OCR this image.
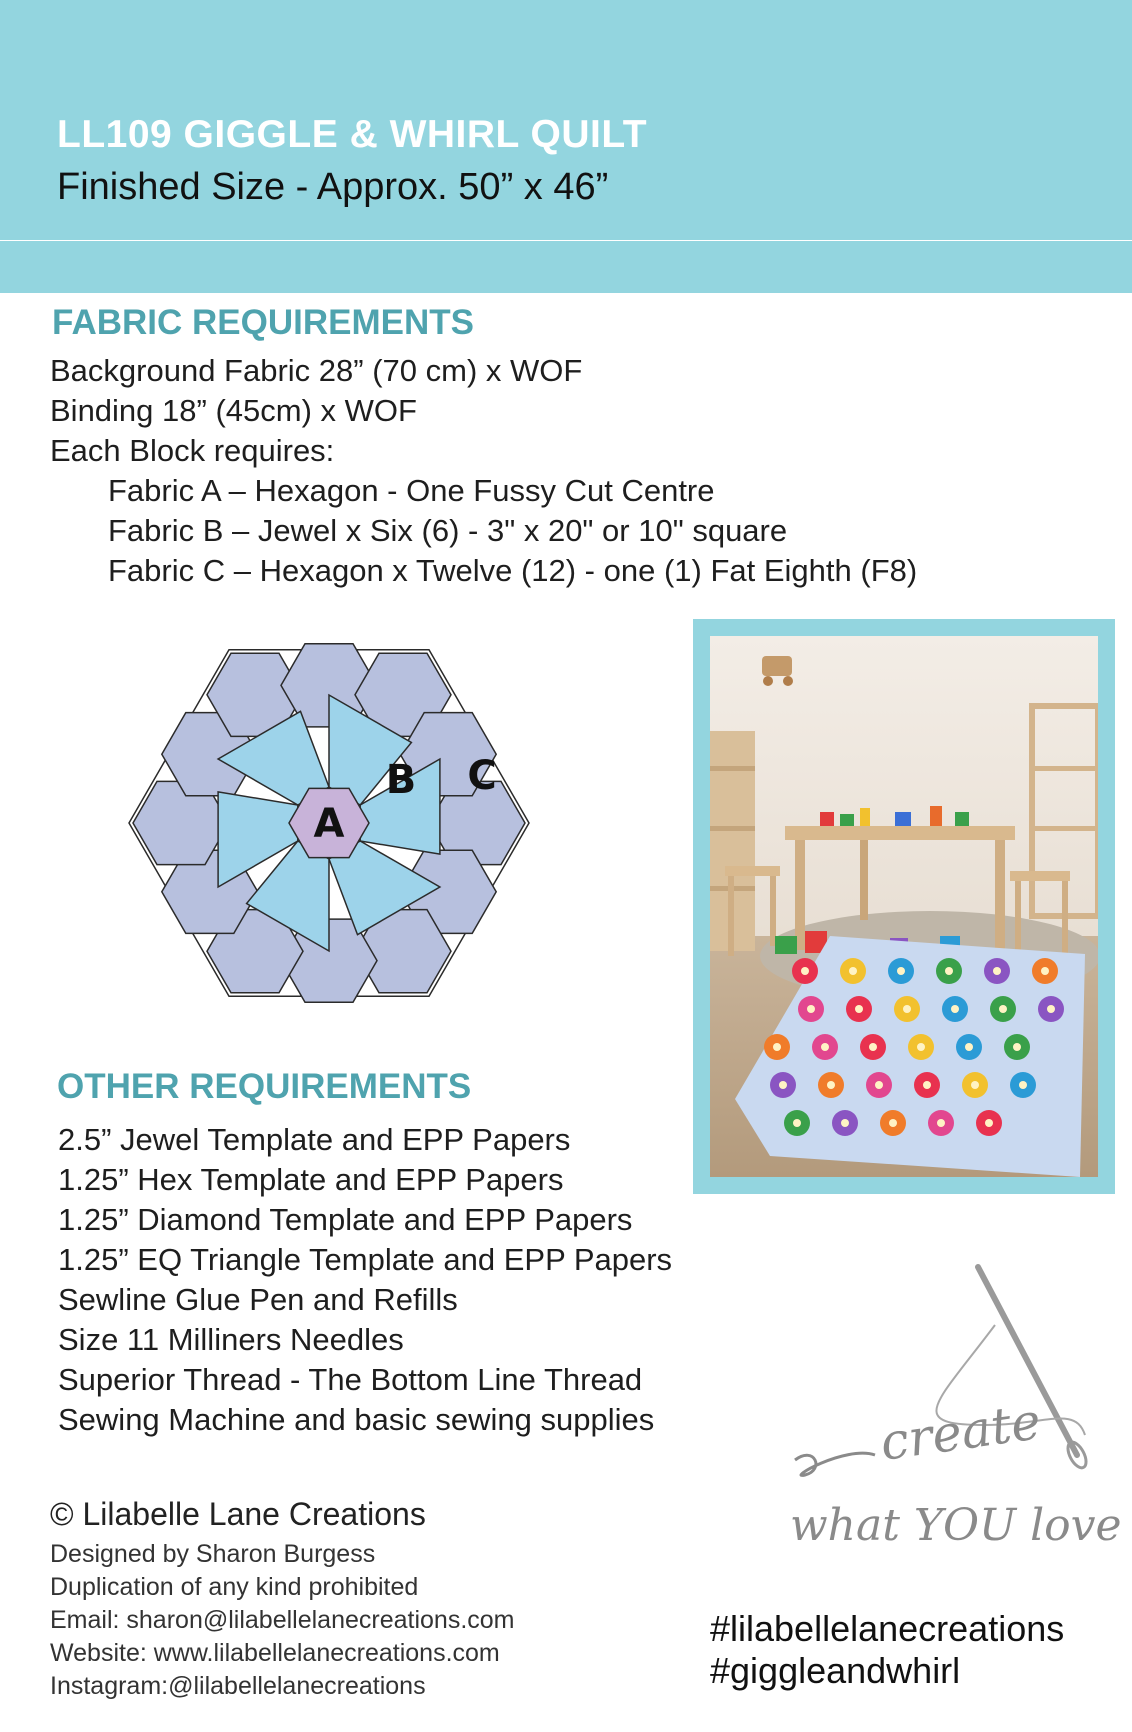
LL109 GIGGLE & WHIRL QUILT
Finished Size - Approx. 50” x 46”
FABRIC REQUIREMENTS
Background Fabric 28” (70 cm) x WOF
Binding 18” (45cm) x WOF
Each Block requires:
Fabric A – Hexagon - One Fussy Cut Centre
Fabric B – Jewel x Six (6) - 3" x 20" or 10" square
Fabric C – Hexagon x Twelve (12) - one (1) Fat Eighth (F8)
A
B C
OTHER REQUIREMENTS
2.5” Jewel Template and EPP Papers
1.25” Hex Template and EPP Papers
1.25” Diamond Template and EPP Papers
1.25” EQ Triangle Template and EPP Papers
Sewline Glue Pen and Refills
Size 11 Milliners Needles
Superior Thread - The Bottom Line Thread
Sewing Machine and basic sewing supplies	create
what YOU love
© Lilabelle Lane Creations
Designed by Sharon Burgess
Duplication of any kind prohibited
Email: sharon@lilabellelanecreations.com
Website: www.lilabellelanecreations.com
Instagram:@lilabellelanecreations
#lilabellelanecreations
#giggleandwhirl
